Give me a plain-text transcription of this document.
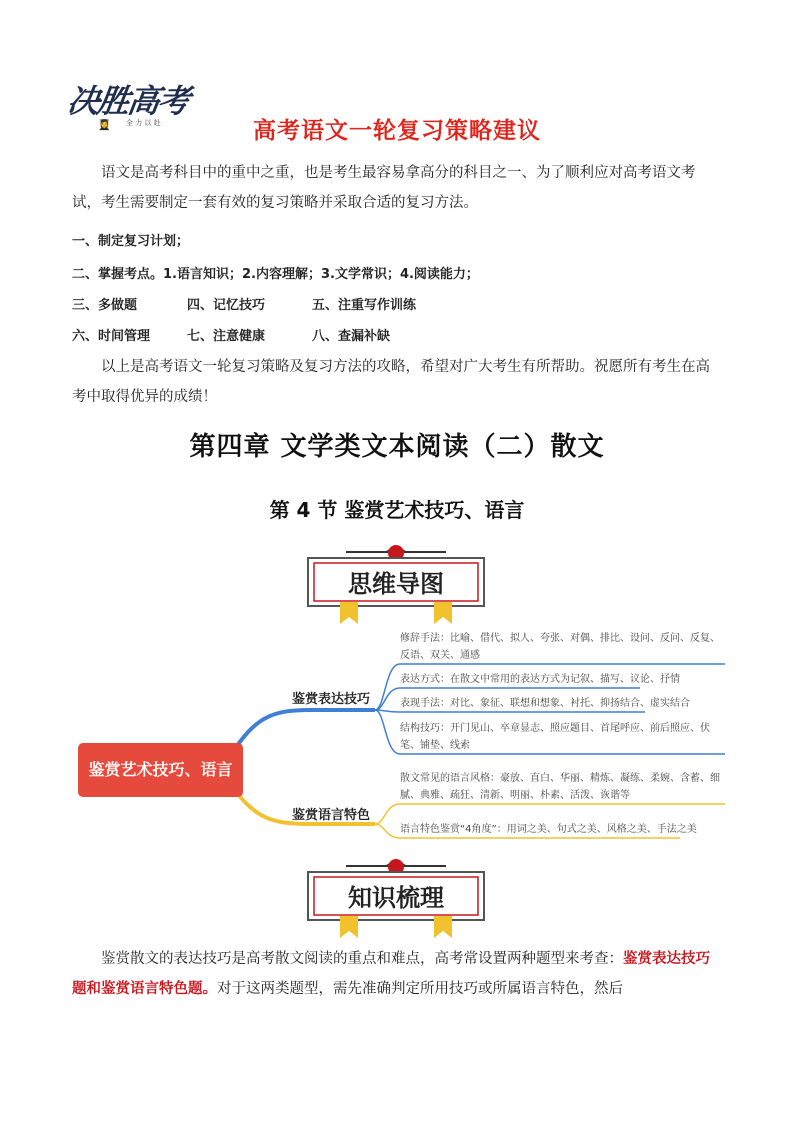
决胜高考
👩‍🎓 全 力 以 赴	高考语文一轮复习策略建议
语文是高考科目中的重中之重，也是考生最容易拿高分的科目之一、为了顺利应对高考语文考试，考生需要制定一套有效的复习策略并采取合适的复习方法。
一、制定复习计划；
二、掌握考点。1.语言知识；2.内容理解；3.文学常识；4.阅读能力；
三、多做题	四、记忆技巧	五、注重写作训练
六、时间管理	七、注意健康	八、查漏补缺
以上是高考语文一轮复习策略及复习方法的攻略，希望对广大考生有所帮助。祝愿所有考生在高考中取得优异的成绩！
第四章 文学类文本阅读（二）散文
第 4 节 鉴赏艺术技巧、语言
思维导图
鉴赏艺术技巧、语言
鉴赏表达技巧
鉴赏语言特色
修辞手法：比喻、借代、拟人、夸张、对偶、排比、设问、反问、反复、反语、双关、通感
表达方式：在散文中常用的表达方式为记叙、描写、议论、抒情
表现手法：对比、象征、联想和想象、衬托、抑扬结合、虚实结合
结构技巧：开门见山、卒章显志、照应题目、首尾呼应、前后照应、伏笔、铺垫、线索
散文常见的语言风格：豪放、直白、华丽、精炼、凝练、柔婉、含蓄、细腻、典雅、疏狂、清新、明丽、朴素、活泼、诙谐等
语言特色鉴赏“4角度”：用词之美、句式之美、风格之美、手法之美
知识梳理
鉴赏散文的表达技巧是高考散文阅读的重点和难点，高考常设置两种题型来考查：鉴赏表达技巧题和鉴赏语言特色题。对于这两类题型，需先准确判定所用技巧或所属语言特色，然后
